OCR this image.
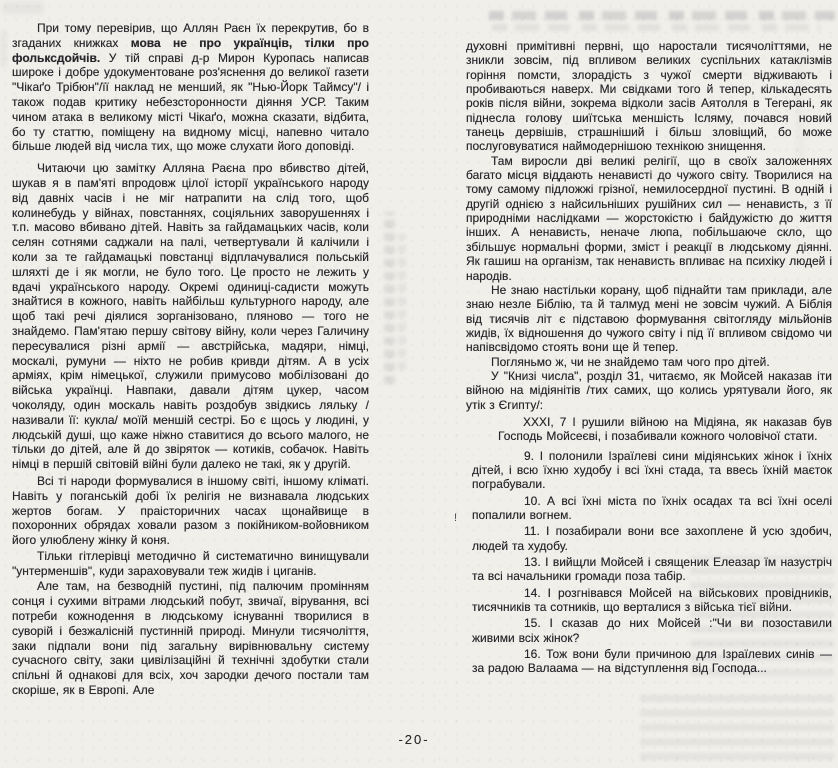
!

При тому перевірив, що Аллян Раєн їх перекрутив, бо в згаданих книжках мова не про українців, тілки про фольксдойчів. У тій справі д-р Мирон Куропась написав широке і добре удокументоване роз'яснення до великої газети "Чікаґо Трібюн"/її наклад не менший, як "Нью-Йорк Таймсу"/ і також подав критику небезсторонности діяння УСР. Таким чином атака в великому місті Чікаґо, можна сказати, відбита, бо ту статтю, поміщену на видному місці, напевно читало більше людей від числа тих, що може слухати його доповіді.

Читаючи цю замітку Алляна Раєна про вбивство дітей, шукав я в пам'яті впродовж цілої історії українського народу від давніх часів і не міг натрапити на слід того, щоб колинебудь у війнах, повстаннях, соціяльних заворушеннях і т.п. масово вбивано дітей. Навіть за гайдамацьких часів, коли селян сотнями саджали на палі, четвертували й калічили і коли за те гайдамацькі повстанці відплачувалися польській шляхті де і як могли, не було того. Це просто не лежить у вдачі українського народу. Окремі одиниці-садисти можуть знайтися в кожного, навіть найбільш культурного народу, але щоб такі речі діялися зорганізовано, пляново — того не знайдемо. Пам'ятаю першу світову війну, коли через Галичину пересувалися різні армії — австрійська, мадяри, німці, москалі, румуни — ніхто не робив кривди дітям. А в усіх арміях, крім німецької, служили примусово мобілізовані до війська українці. Навпаки, давали дітям цукер, часом чоколяду, один москаль навіть роздобув звідкись ляльку /називали її: кукла/ моїй меншій сестрі. Бо є щось у людині, у людській душі, що каже ніжно ставитися до всього малого, не тільки до дітей, але й до звіряток — котиків, собачок. Навіть німці в першій світовій війні були далеко не такі, як у другій.

Всі ті народи формувалися в іншому світі, іншому кліматі. Навіть у поганській добі їх релігія не визнавала людських жертов богам. У праісторичних часах щонайвище в похоронних обрядах ховали разом з покійником-войовником його улюблену жінку й коня.

Тільки гітлерівці методично й систематично винищували "унтерменшів", куди зараховували теж жидів і циганів.

Але там, на безводній пустині, під палючим промінням сонця і сухими вітрами людський побут, звичаї, вірування, всі потреби кожнодення в людському існуванні творилися в суворій і безжалісній пустинній природі. Минули тисячоліття, заки підпали вони під загальну вирівнювальну систему сучасного світу, заки цивілізаційні й технічні здобутки стали спільні й однакові для всіх, хоч зародки дечого постали там скоріше, як в Европі. Але

духовні примітивні первні, що наростали тисячоліттями, не зникли зовсім, під впливом великих суспільних катаклізмів горіння помсти, злорадість з чужої смерти відживають і пробиваються наверх. Ми свідками того й тепер, кількадесять років після війни, зокрема відколи засів Аятолля в Тегерані, як піднесла голову шиїтська меншість Ісляму, почався новий танець дервішів, страшніший і більш зловіщий, бо може послуговуватися наймодернішою технікою знищення.

Там виросли дві великі релігії, що в своїх заложеннях багато місця віддають ненависті до чужого світу. Творилися на тому самому підложжі грізної, немилосердної пустині. В одній і другій однією з найсильніших рушійних сил — ненависть, з її природніми наслідками — жорстокістю і байдужістю до життя інших. А ненависть, неначе люпа, побільшаюче скло, що збільшує нормальні форми, зміст і реакції в людському діянні. Як гашиш на організм, так ненависть впливає на психіку людей і народів.

Не знаю настільки корану, щоб піднайти там приклади, але знаю незле Біблію, та й талмуд мені не зовсім чужий. А Біблія від тисячів літ є підставою формування світогляду мільйонів жидів, їх відношення до чужого світу і під її впливом свідомо чи напівсвідомо стоять вони ще й тепер.

Погляньмо ж, чи не знайдемо там чого про дітей.

У "Книзі числа", розділ 31, читаємо, як Мойсей наказав іти війною на мідіянітів /тих самих, що колись урятували його, як утік з Єгипту/:

XXXI, 7 І рушили війною на Мідіяна, як наказав був Господь Мойсеєві, і позабивали кожного чоловічої стати.

9. І полонили Ізраїлеві сини мідіянських жінок і їхніх дітей, і всю їхню худобу і всі їхні стада, та ввесь їхній маєток пограбували.

10. А всі їхні міста по їхніх осадах та всі їхні оселі попалили вогнем.

11. І позабирали вони все захоплене й усю здобич, людей та худобу.

13. І вийщли Мойсей і священик Елеазар їм назустріч та всі начальники громади поза табір.

14. І розгнівався Мойсей на військових провідників, тисячників та сотників, що верталися з війська тієї війни.

15. І сказав до них Мойсей :"Чи ви позоставили живими всіх жінок?

16. Тож вони були причиною для Ізраїлевих синів — за радою Валаама — на відступлення від Господа...

-20-
